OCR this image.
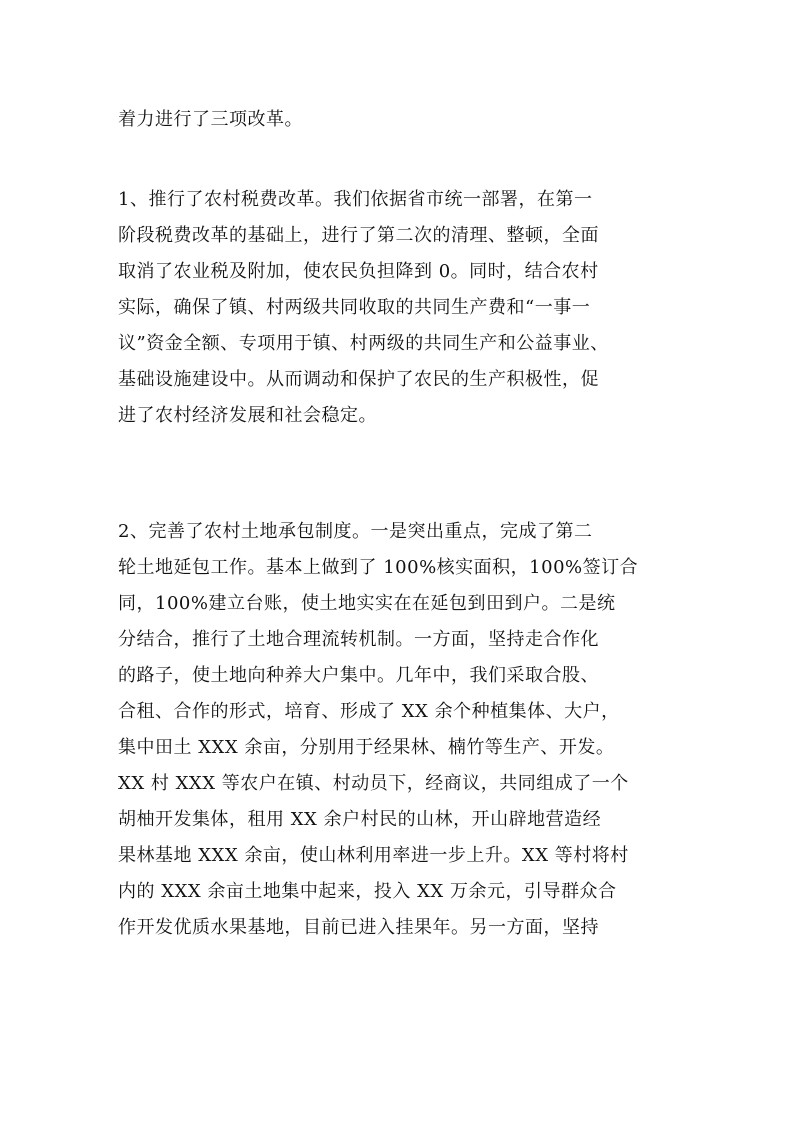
着力进行了三项改革。
1、推行了农村税费改革。我们依据省市统一部署，在第一
阶段税费改革的基础上，进行了第二次的清理、整顿，全面
取消了农业税及附加，使农民负担降到 0。同时，结合农村
实际，确保了镇、村两级共同收取的共同生产费和“一事一
议”资金全额、专项用于镇、村两级的共同生产和公益事业、
基础设施建设中。从而调动和保护了农民的生产积极性，促
进了农村经济发展和社会稳定。
2、完善了农村土地承包制度。一是突出重点，完成了第二
轮土地延包工作。基本上做到了 100%核实面积，100%签订合
同，100%建立台账，使土地实实在在延包到田到户。二是统
分结合，推行了土地合理流转机制。一方面，坚持走合作化
的路子，使土地向种养大户集中。几年中，我们采取合股、
合租、合作的形式，培育、形成了 XX 余个种植集体、大户，
集中田土 XXX 余亩，分别用于经果林、楠竹等生产、开发。
XX 村 XXX 等农户在镇、村动员下，经商议，共同组成了一个
胡柚开发集体，租用 XX 余户村民的山林，开山辟地营造经
果林基地 XXX 余亩，使山林利用率进一步上升。XX 等村将村
内的 XXX 余亩土地集中起来，投入 XX 万余元，引导群众合
作开发优质水果基地，目前已进入挂果年。另一方面，坚持
